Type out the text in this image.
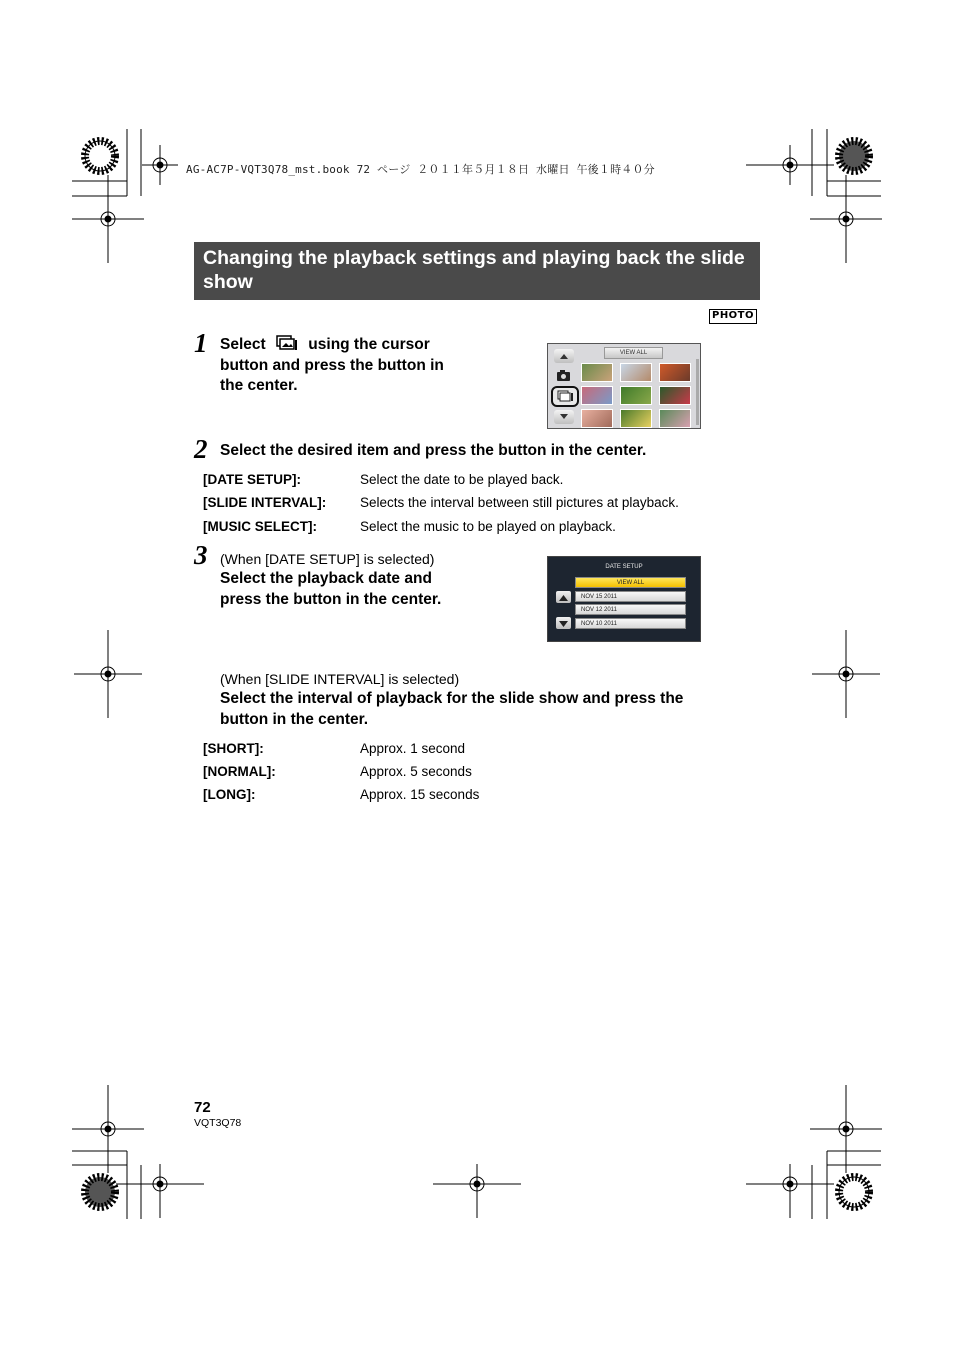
AG-AC7P-VQT3Q78_mst.book 72 ページ ２０１１年５月１８日 水曜日 午後１時４０分
Changing the playback settings and playing back the slide show
PHOTO
1 Select	using the cursor
button and press the button in
the center.
VIEW ALL
2 Select the desired item and press the button in the center.
[DATE SETUP]:	Select the date to be played back.
[SLIDE INTERVAL]:	Selects the interval between still pictures at playback.
[MUSIC SELECT]:	Select the music to be played on playback.
3 (When [DATE SETUP] is selected)
Select the playback date and
press the button in the center.
DATE SETUP
VIEW ALL
NOV 15 2011
NOV 12 2011
NOV 10 2011
(When [SLIDE INTERVAL] is selected)
Select the interval of playback for the slide show and press the
button in the center.
[SHORT]:	Approx. 1 second
[NORMAL]:	Approx. 5 seconds
[LONG]:	Approx. 15 seconds
72
VQT3Q78
